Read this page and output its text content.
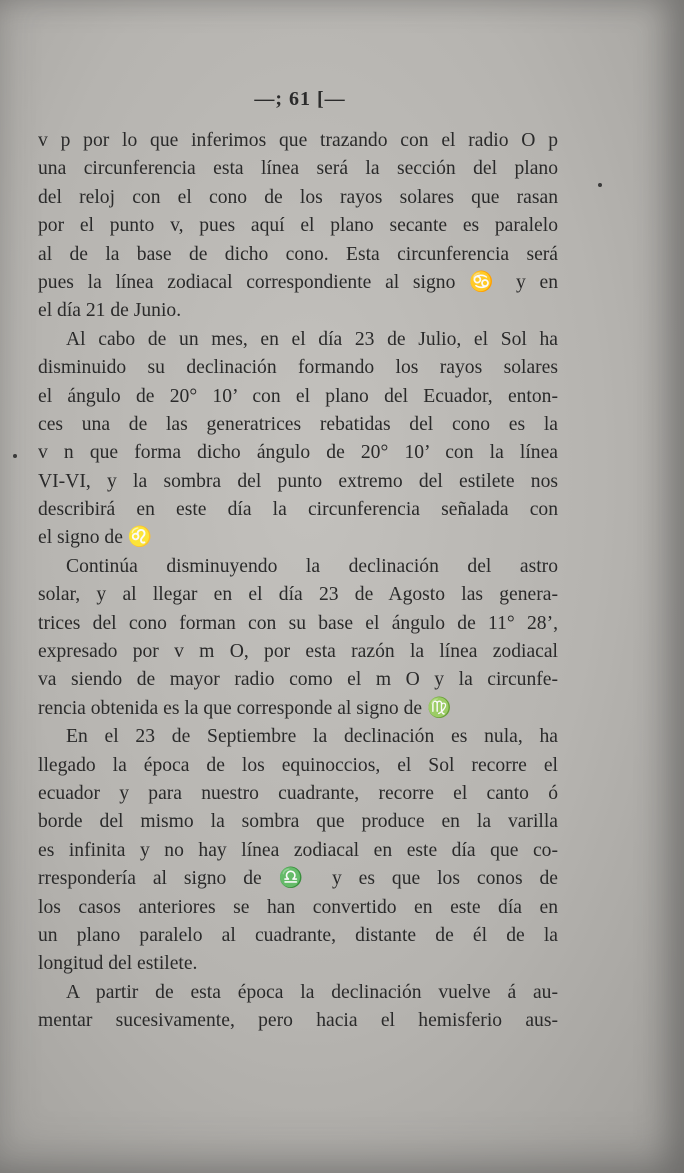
—; 61 [—
v p por lo que inferimos que trazando con el radio O p
una circunferencia esta línea será la sección del plano
del reloj con el cono de los rayos solares que rasan
por el punto v, pues aquí el plano secante es paralelo
al de la base de dicho cono. Esta circunferencia será
pues la línea zodiacal correspondiente al signo ♋ y en
el día 21 de Junio.
Al cabo de un mes, en el día 23 de Julio, el Sol ha
disminuido su declinación formando los rayos solares
el ángulo de 20° 10’ con el plano del Ecuador, enton-
ces una de las generatrices rebatidas del cono es la
v n que forma dicho ángulo de 20° 10’ con la línea
VI-VI, y la sombra del punto extremo del estilete nos
describirá en este día la circunferencia señalada con
el signo de ♌
Continúa disminuyendo la declinación del astro
solar, y al llegar en el día 23 de Agosto las genera-
trices del cono forman con su base el ángulo de 11° 28’,
expresado por v m O, por esta razón la línea zodiacal
va siendo de mayor radio como el m O y la circunfe-
rencia obtenida es la que corresponde al signo de ♍
En el 23 de Septiembre la declinación es nula, ha
llegado la época de los equinoccios, el Sol recorre el
ecuador y para nuestro cuadrante, recorre el canto ó
borde del mismo la sombra que produce en la varilla
es infinita y no hay línea zodiacal en este día que co-
rrespondería al signo de ♎ y es que los conos de
los casos anteriores se han convertido en este día en
un plano paralelo al cuadrante, distante de él de la
longitud del estilete.
A partir de esta época la declinación vuelve á au-
mentar sucesivamente, pero hacia el hemisferio aus-
